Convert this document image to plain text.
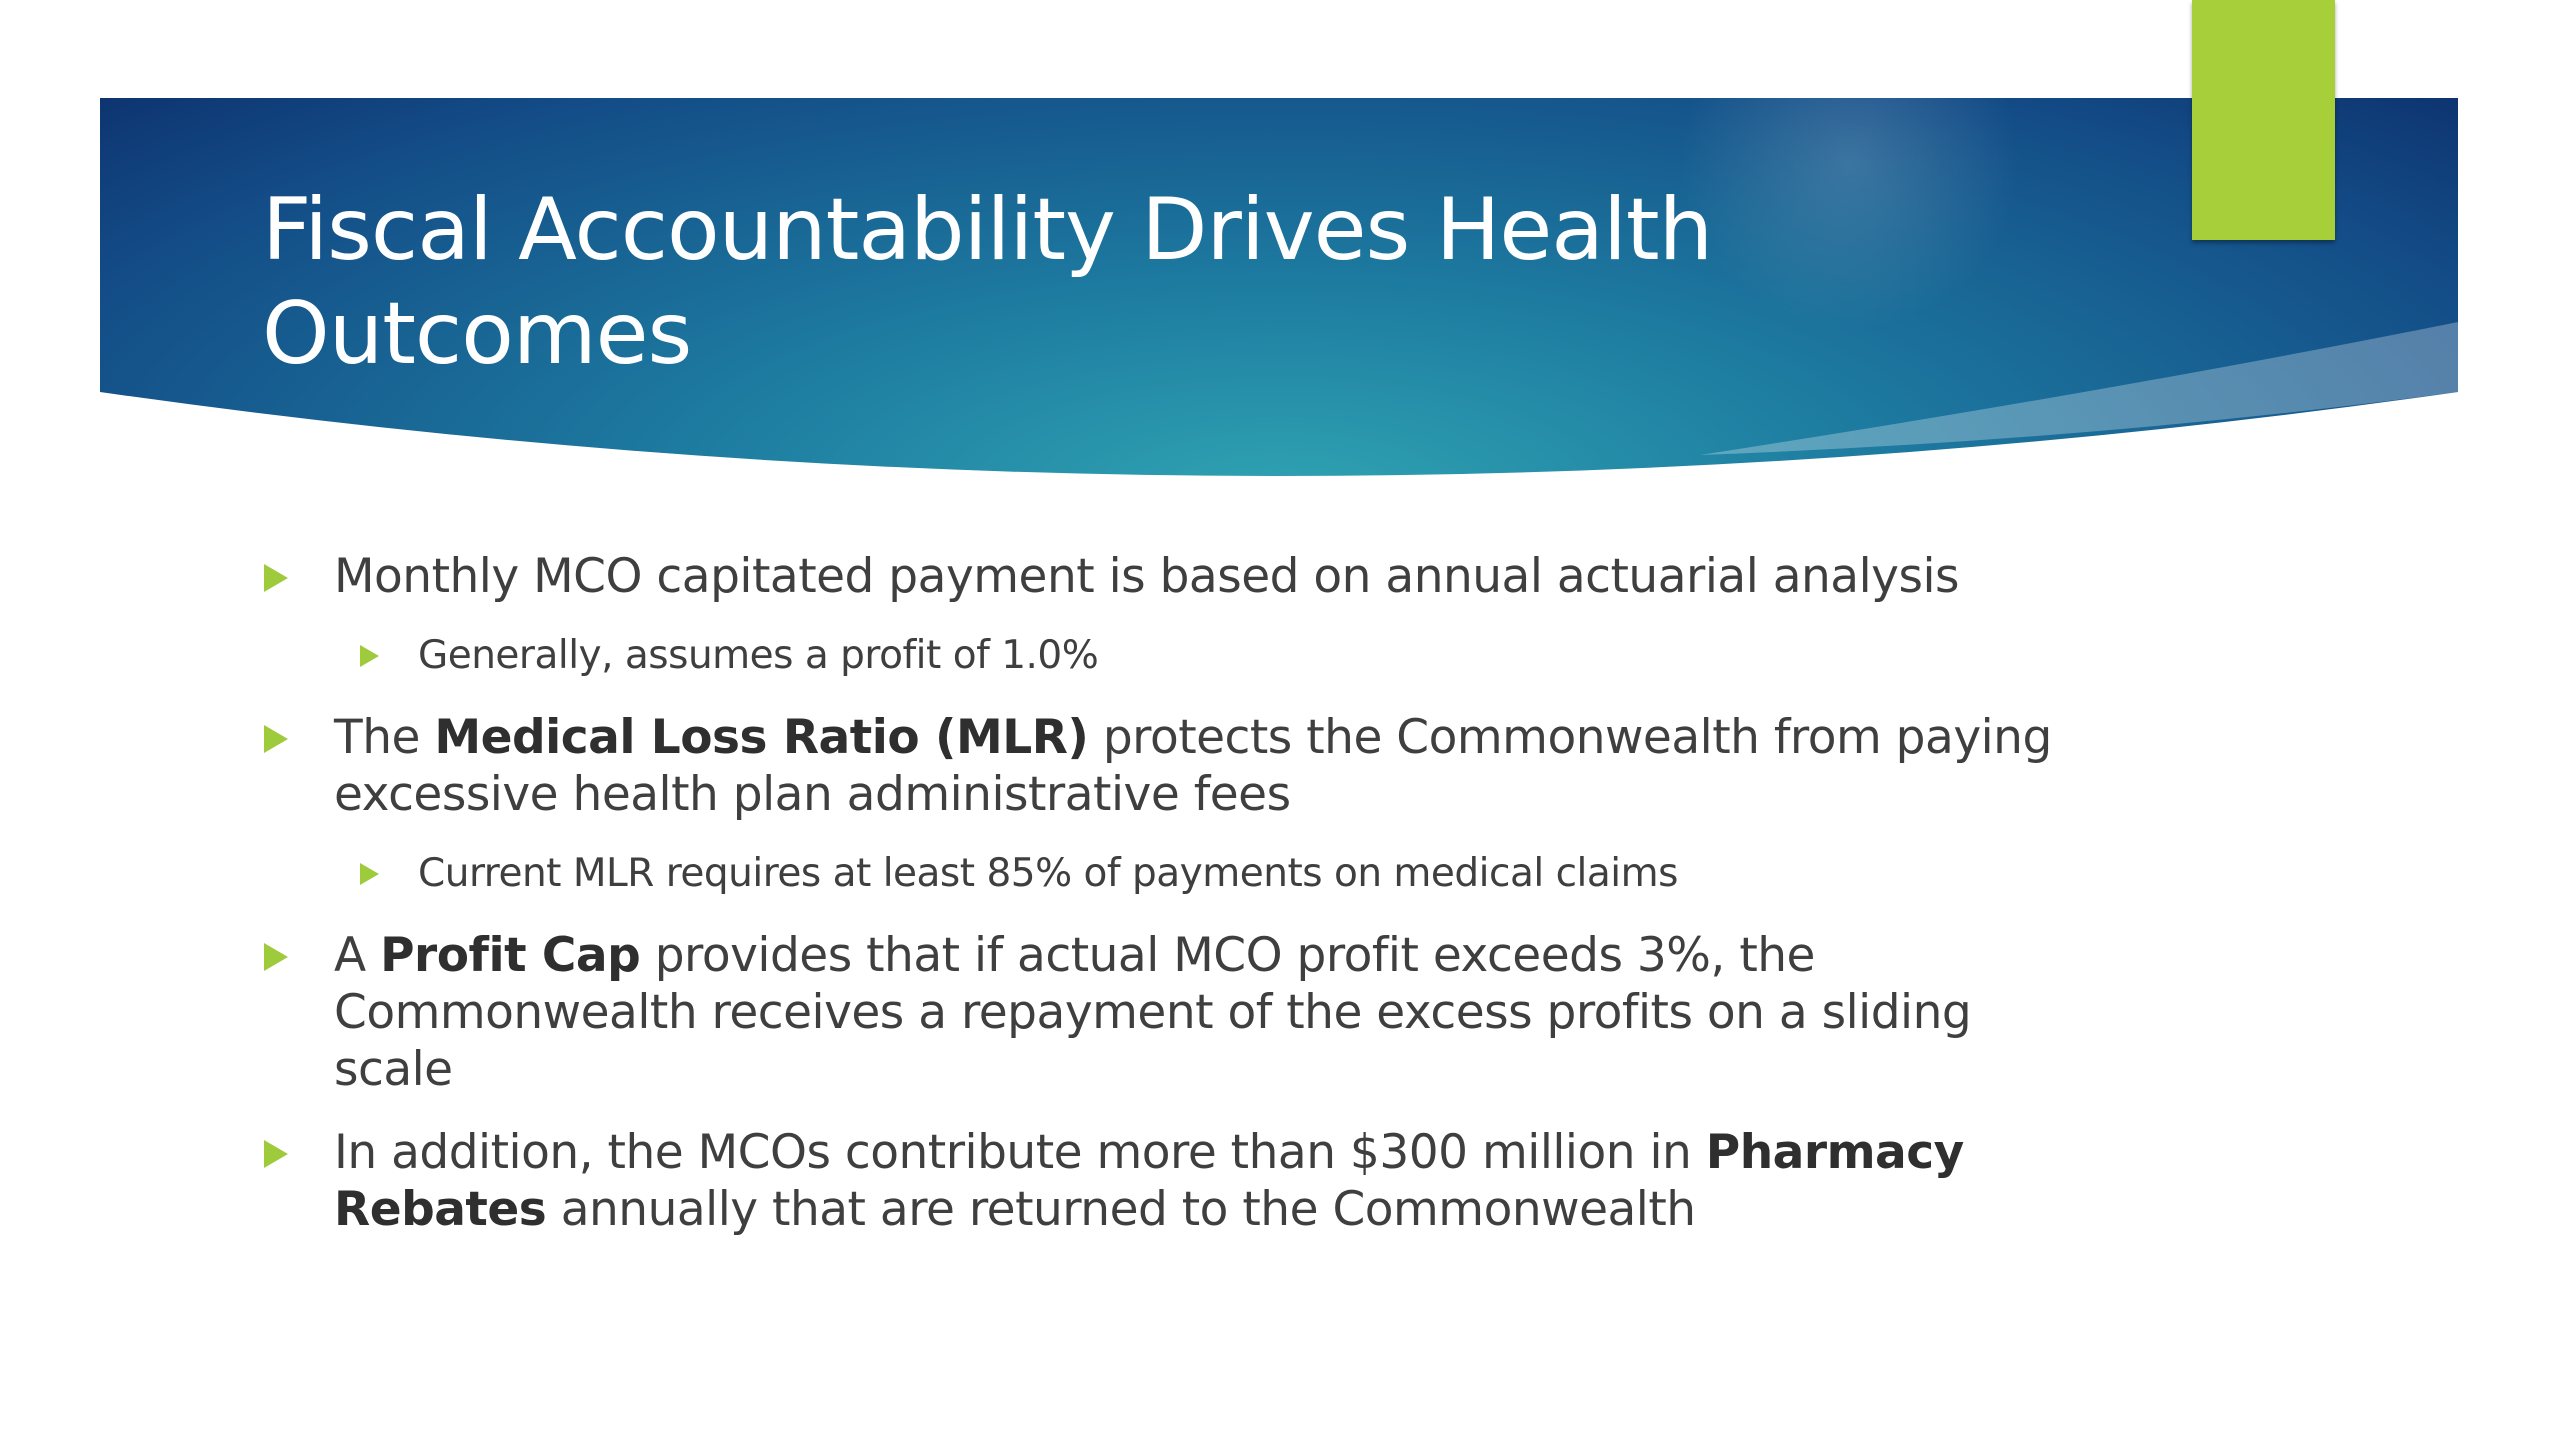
Fiscal Accountability Drives Health Outcomes
Monthly MCO capitated payment is based on annual actuarial analysis
Generally, assumes a profit of 1.0%
The Medical Loss Ratio (MLR) protects the Commonwealth from paying excessive health plan administrative fees
Current MLR requires at least 85% of payments on medical claims
A Profit Cap provides that if actual MCO profit exceeds 3%, the Commonwealth receives a repayment of the excess profits on a sliding scale
In addition, the MCOs contribute more than $300 million in Pharmacy Rebates annually that are returned to the Commonwealth
